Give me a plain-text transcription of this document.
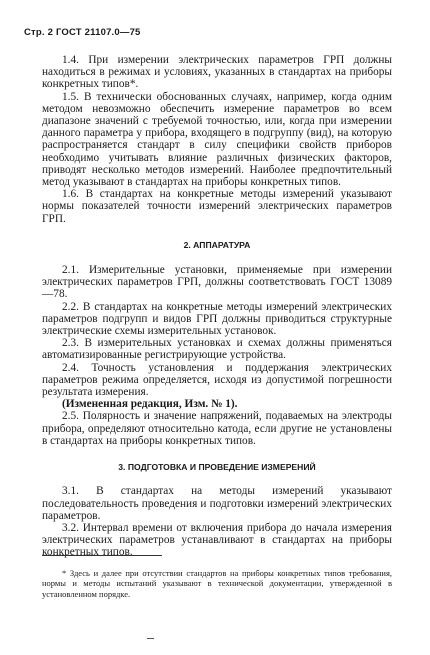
Стр. 2 ГОСТ 21107.0—75

1.4. При измерении электрических параметров ГРП должны находиться в режимах и условиях, указанных в стандартах на приборы конкретных типов*.

1.5. В технически обоснованных случаях, например, когда одним методом невозможно обеспечить измерение параметров во всем диапазоне значений с требуемой точностью, или, когда при измерении данного параметра у прибора, входящего в подгруппу (вид), на которую распространяется стандарт в силу специфики свойств приборов необходимо учитывать влияние различных физических факторов, приводят несколько методов измерений. Наиболее предпочтительный метод указывают в стандартах на приборы конкретных типов.

1.6. В стандартах на конкретные методы измерений указывают нормы показателей точности измерений электрических параметров ГРП.

2. АППАРАТУРА

2.1. Измерительные установки, применяемые при измерении электрических параметров ГРП, должны соответствовать ГОСТ 13089—78.

2.2. В стандартах на конкретные методы измерений электрических параметров подгрупп и видов ГРП должны приводиться структурные электрические схемы измерительных установок.

2.3. В измерительных установках и схемах должны применяться автоматизированные регистрирующие устройства.

2.4. Точность установления и поддержания электрических параметров режима определяется, исходя из допустимой погрешности результата измерения.

(Измененная редакция, Изм. № 1).

2.5. Полярность и значение напряжений, подаваемых на электроды прибора, определяют относительно катода, если другие не установлены в стандартах на приборы конкретных типов.

3. ПОДГОТОВКА И ПРОВЕДЕНИЕ ИЗМЕРЕНИЙ

3.1. В стандартах на методы измерений указывают последовательность проведения и подготовки измерений электрических параметров.

3.2. Интервал времени от включения прибора до начала измерения электрических параметров устанавливают в стандартах на приборы конкретных типов.

* Здесь и далее при отсутствии стандартов на приборы конкретных типов требования, нормы и методы испытаний указывают в технической документации, утвержденной в установленном порядке.
